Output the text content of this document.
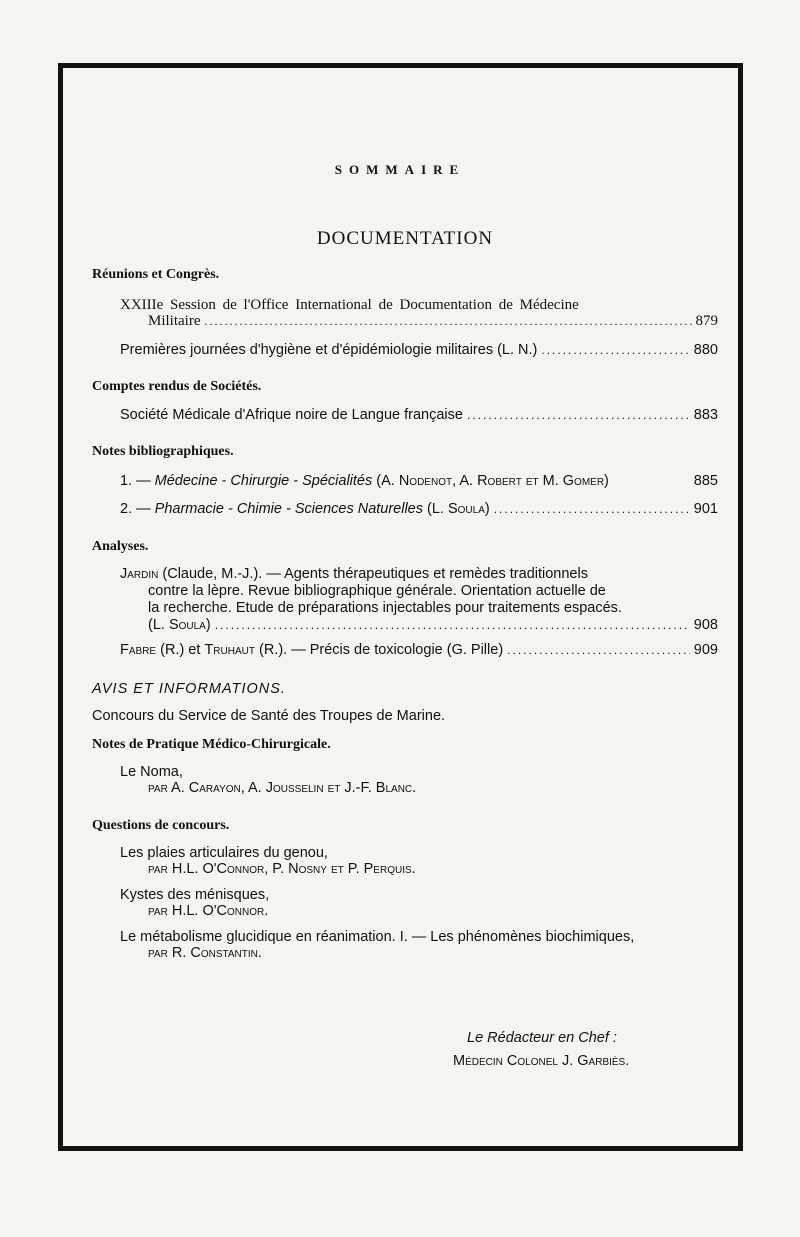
SOMMAIRE
DOCUMENTATION
Réunions et Congrès.
XXIIIe Session de l'Office International de Documentation de Médecine
Militaire .....	879
Premières journées d'hygiène et d'épidémiologie militaires (L. N.) .....	880
Comptes rendus de Sociétés.
Société Médicale d'Afrique noire de Langue française .....	883
Notes bibliographiques.
1. — Médecine - Chirurgie - Spécialités (A. Nodenot, A. Robert et M. Gomer)	885
2. — Pharmacie - Chimie - Sciences Naturelles (L. Soula) .....	901
Analyses.
Jardin (Claude, M.-J.). — Agents thérapeutiques et remèdes traditionnels
contre la lèpre. Revue bibliographique générale. Orientation actuelle de
la recherche. Etude de préparations injectables pour traitements espacés.
(L. Soula) .....	908
Fabre (R.) et Truhaut (R.). — Précis de toxicologie (G. Pille) .....	909
AVIS ET INFORMATIONS.
Concours du Service de Santé des Troupes de Marine.
Notes de Pratique Médico-Chirurgicale.
Le Noma,
par A. Carayon, A. Jousselin et J.-F. Blanc.
Questions de concours.
Les plaies articulaires du genou,
par H.L. O'Connor, P. Nosny et P. Perquis.
Kystes des ménisques,
par H.L. O'Connor.
Le métabolisme glucidique en réanimation. I. — Les phénomènes biochimiques,
par R. Constantin.
Le Rédacteur en Chef :
Médecin Colonel J. Garbiès.
